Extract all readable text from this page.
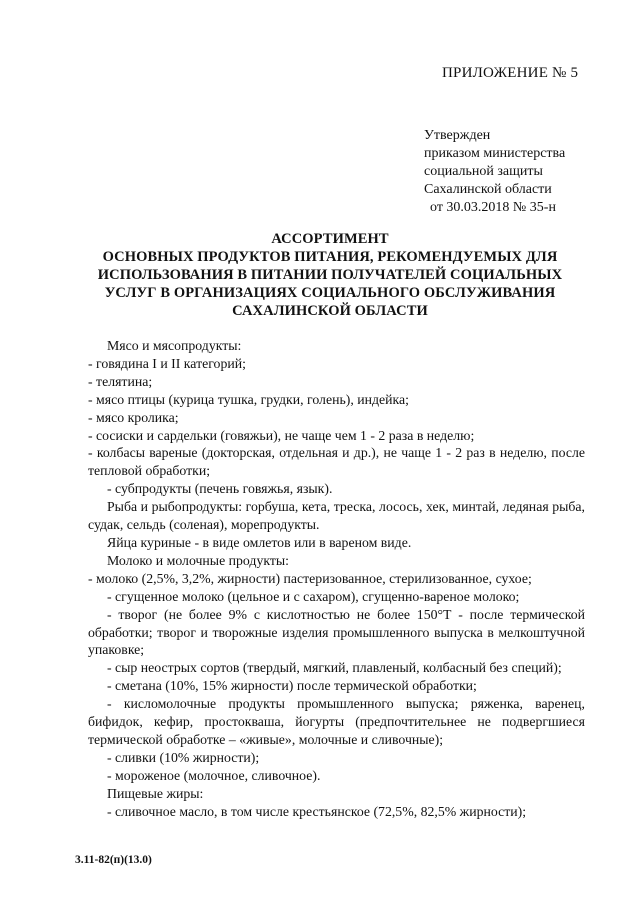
ПРИЛОЖЕНИЕ № 5
Утвержден
приказом министерства
социальной защиты
Сахалинской области
от 30.03.2018 № 35-н
АССОРТИМЕНТ
ОСНОВНЫХ ПРОДУКТОВ ПИТАНИЯ, РЕКОМЕНДУЕМЫХ ДЛЯ
ИСПОЛЬЗОВАНИЯ В ПИТАНИИ ПОЛУЧАТЕЛЕЙ СОЦИАЛЬНЫХ
УСЛУГ В ОРГАНИЗАЦИЯХ СОЦИАЛЬНОГО ОБСЛУЖИВАНИЯ
САХАЛИНСКОЙ ОБЛАСТИ

Мясо и мясопродукты:

- говядина I и II категорий;

- телятина;

- мясо птицы (курица тушка, грудки, голень), индейка;

- мясо кролика;

- сосиски и сардельки (говяжьи), не чаще чем 1 - 2 раза в неделю;

- колбасы вареные (докторская, отдельная и др.), не чаще 1 - 2 раз в неделю, после тепловой обработки;

- субпродукты (печень говяжья, язык).

Рыба и рыбопродукты: горбуша, кета, треска, лосось, хек, минтай, ледяная рыба, судак, сельдь (соленая), морепродукты.

Яйца куриные - в виде омлетов или в вареном виде.

Молоко и молочные продукты:

- молоко (2,5%, 3,2%, жирности) пастеризованное, стерилизованное, сухое;

- сгущенное молоко (цельное и с сахаром), сгущенно-вареное молоко;

- творог (не более 9% с кислотностью не более 150°Т - после термической обработки; творог и творожные изделия промышленного выпуска в мелкоштучной упаковке;

- сыр неострых сортов (твердый, мягкий, плавленый, колбасный без специй);

- сметана (10%, 15% жирности) после термической обработки;

- кисломолочные продукты промышленного выпуска; ряженка, варенец, бифидок, кефир, простокваша, йогурты (предпочтительнее не подвергшиеся термической обработке – «живые», молочные и сливочные);

- сливки (10% жирности);

- мороженое (молочное, сливочное).

Пищевые жиры:

- сливочное масло, в том числе крестьянское (72,5%, 82,5% жирности);

3.11-82(п)(13.0)
